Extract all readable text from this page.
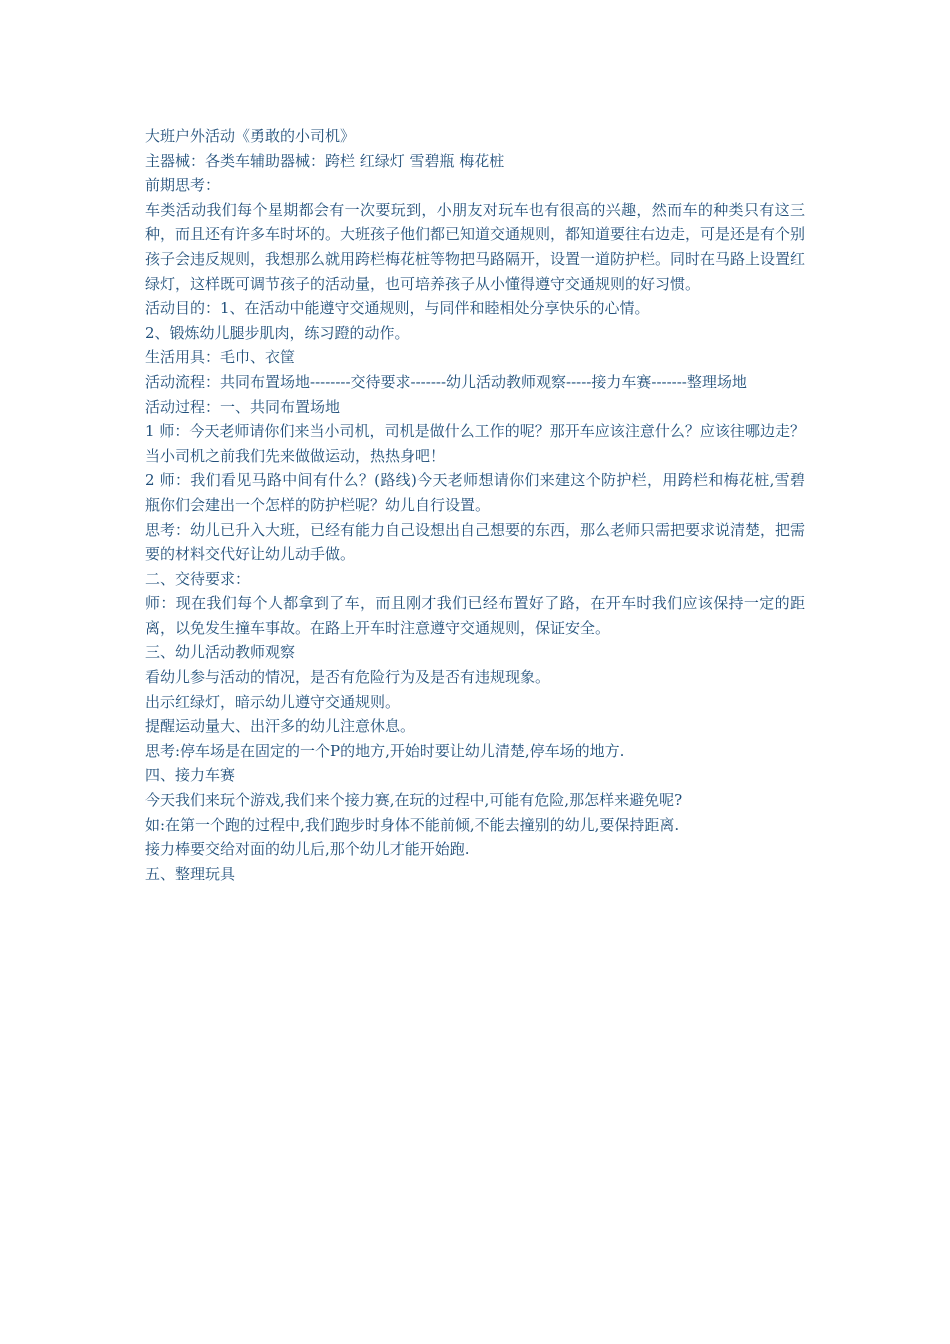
大班户外活动《勇敢的小司机》

主器械：各类车辅助器械：跨栏 红绿灯 雪碧瓶 梅花桩

前期思考：

车类活动我们每个星期都会有一次要玩到，小朋友对玩车也有很高的兴趣，然而车的种类只有这三种，而且还有许多车时坏的。大班孩子他们都已知道交通规则，都知道要往右边走，可是还是有个别孩子会违反规则，我想那么就用跨栏梅花桩等物把马路隔开，设置一道防护栏。同时在马路上设置红绿灯，这样既可调节孩子的活动量，也可培养孩子从小懂得遵守交通规则的好习惯。

活动目的：1、在活动中能遵守交通规则，与同伴和睦相处分享快乐的心情。

2、锻炼幼儿腿步肌肉，练习蹬的动作。

生活用具：毛巾、衣筐

活动流程：共同布置场地--------交待要求-------幼儿活动教师观察-----接力车赛-------整理场地

活动过程：一、共同布置场地

1 师：今天老师请你们来当小司机，司机是做什么工作的呢？那开车应该注意什么？应该往哪边走？当小司机之前我们先来做做运动，热热身吧！

2 师：我们看见马路中间有什么？(路线)今天老师想请你们来建这个防护栏，用跨栏和梅花桩,雪碧瓶你们会建出一个怎样的防护栏呢？幼儿自行设置。

思考：幼儿已升入大班，已经有能力自己设想出自己想要的东西，那么老师只需把要求说清楚，把需要的材料交代好让幼儿动手做。

二、交待要求：

师：现在我们每个人都拿到了车，而且刚才我们已经布置好了路，在开车时我们应该保持一定的距离，以免发生撞车事故。在路上开车时注意遵守交通规则，保证安全。

三、幼儿活动教师观察

看幼儿参与活动的情况，是否有危险行为及是否有违规现象。

出示红绿灯，暗示幼儿遵守交通规则。

提醒运动量大、出汗多的幼儿注意休息。

思考:停车场是在固定的一个P的地方,开始时要让幼儿清楚,停车场的地方.

四、接力车赛

今天我们来玩个游戏,我们来个接力赛,在玩的过程中,可能有危险,那怎样来避免呢?

如:在第一个跑的过程中,我们跑步时身体不能前倾,不能去撞别的幼儿,要保持距离.

接力棒要交给对面的幼儿后,那个幼儿才能开始跑.

五、整理玩具
